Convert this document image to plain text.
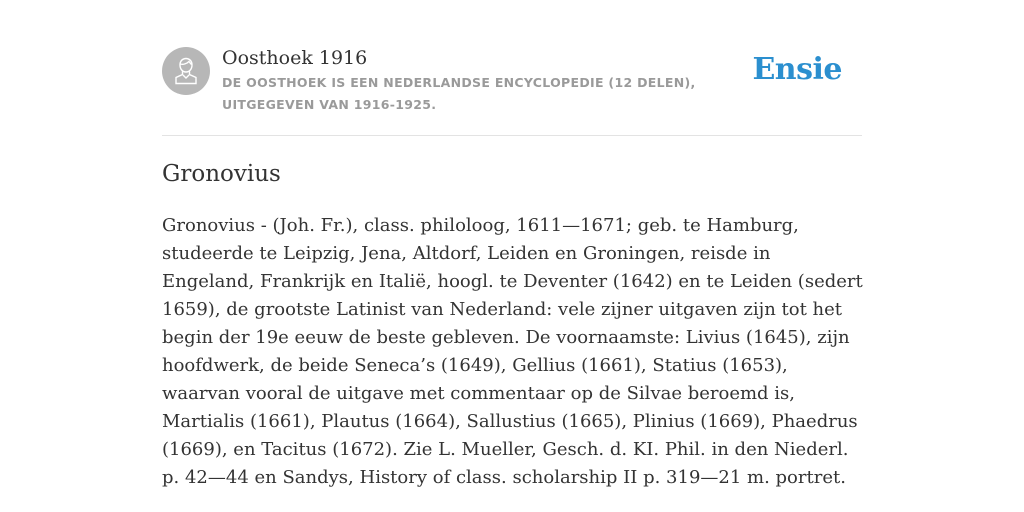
Oosthoek 1916
DE OOSTHOEK IS EEN NEDERLANDSE ENCYCLOPEDIE (12 DELEN), UITGEGEVEN VAN 1916-1925.
Ensie
Gronovius

Gronovius - (Joh. Fr.), class. philoloog, 1611—1671; geb. te Hamburg, studeerde te Leipzig, Jena, Altdorf, Leiden en Groningen, reisde in Engeland, Frankrijk en Italië, hoogl. te Deventer (1642) en te Leiden (sedert 1659), de grootste Latinist van Nederland: vele zijner uitgaven zijn tot het begin der 19e eeuw de beste gebleven. De voornaamste: Livius (1645), zijn hoofdwerk, de beide Seneca’s (1649), Gellius (1661), Statius (1653), waarvan vooral de uitgave met commentaar op de Silvae beroemd is, Martialis (1661), Plautus (1664), Sallustius (1665), Plinius (1669), Phaedrus (1669), en Tacitus (1672). Zie L. Mueller, Gesch. d. KI. Phil. in den Niederl. p. 42—44 en Sandys, History of class. scholarship II p. 319—21 m. portret.
